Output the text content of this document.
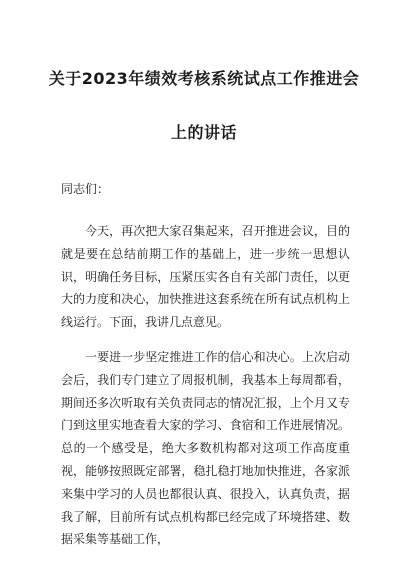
关于2023年绩效考核系统试点工作推进会
上的讲话
同志们：
今天，再次把大家召集起来，召开推进会议，目的就是要在总结前期工作的基础上，进一步统一思想认识，明确任务目标，压紧压实各自有关部门责任，以更大的力度和决心，加快推进这套系统在所有试点机构上线运行。下面，我讲几点意见。
一要进一步坚定推进工作的信心和决心。上次启动会后，我们专门建立了周报机制，我基本上每周都看，期间还多次听取有关负责同志的情况汇报，上个月又专门到这里实地查看大家的学习、食宿和工作进展情况。总的一个感受是，绝大多数机构都对这项工作高度重视，能够按照既定部署，稳扎稳打地加快推进，各家派来集中学习的人员也都很认真、很投入，认真负责，据我了解，目前所有试点机构都已经完成了环境搭建、数据采集等基础工作，
